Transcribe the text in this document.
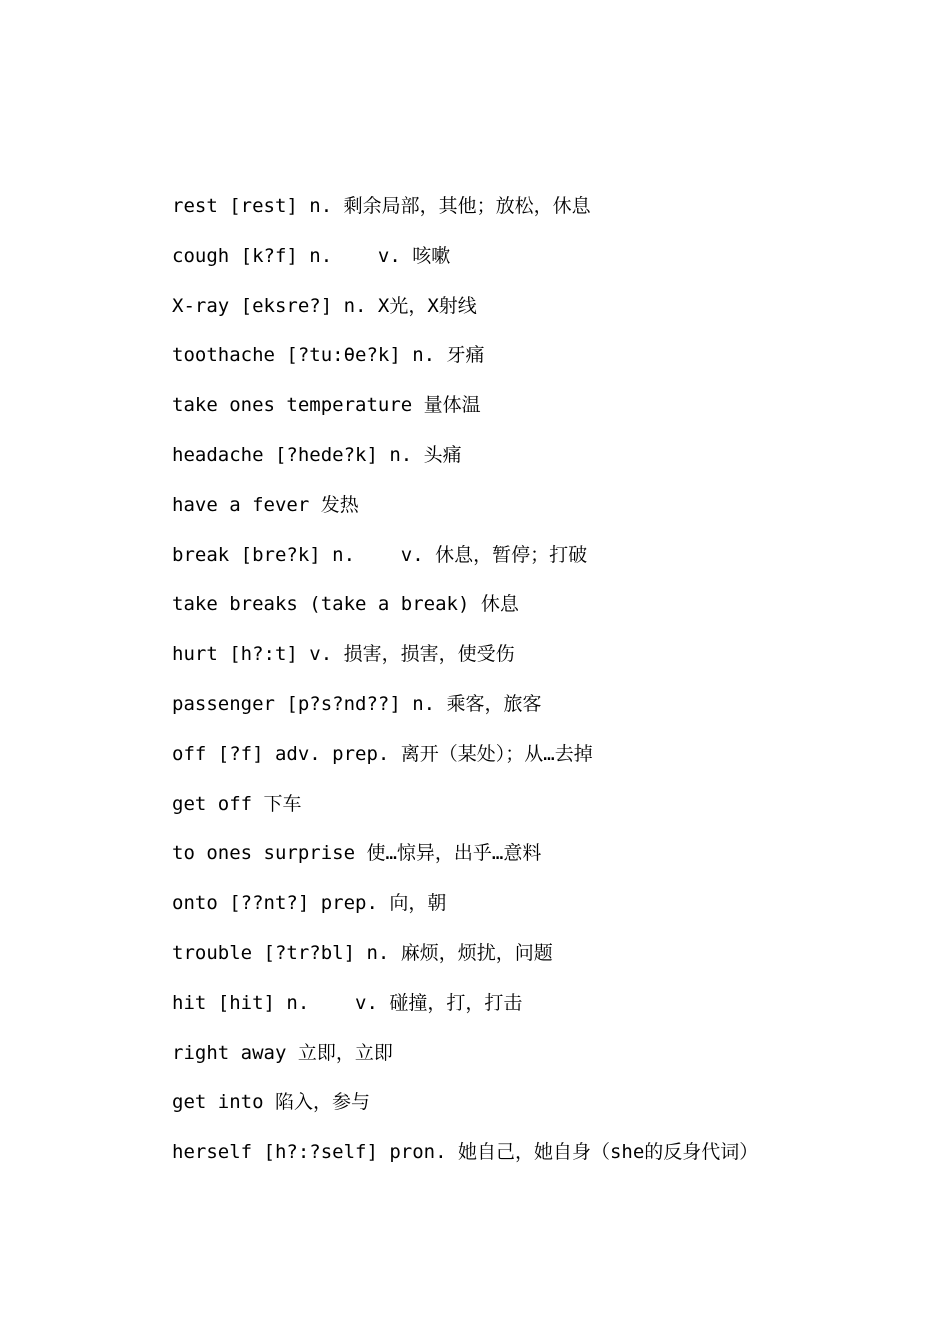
rest [rest] n. 剩余局部，其他；放松，休息
cough [k?f] n.    v. 咳嗽
X-ray [eksre?] n. X光，X射线
toothache [?tu:θe?k] n. 牙痛
take ones temperature 量体温
headache [?hede?k] n. 头痛
have a fever 发热
break [bre?k] n.    v. 休息，暂停；打破
take breaks (take a break) 休息
hurt [h?:t] v. 损害，损害，使受伤
passenger [p?s?nd??] n. 乘客，旅客
off [?f] adv. prep. 离开（某处）；从…去掉
get off 下车
to ones surprise 使…惊异，出乎…意料
onto [??nt?] prep. 向，朝
trouble [?tr?bl] n. 麻烦，烦扰，问题
hit [hit] n.    v. 碰撞，打，打击
right away 立即，立即
get into 陷入，参与
herself [h?:?self] pron. 她自己，她自身（she的反身代词）
